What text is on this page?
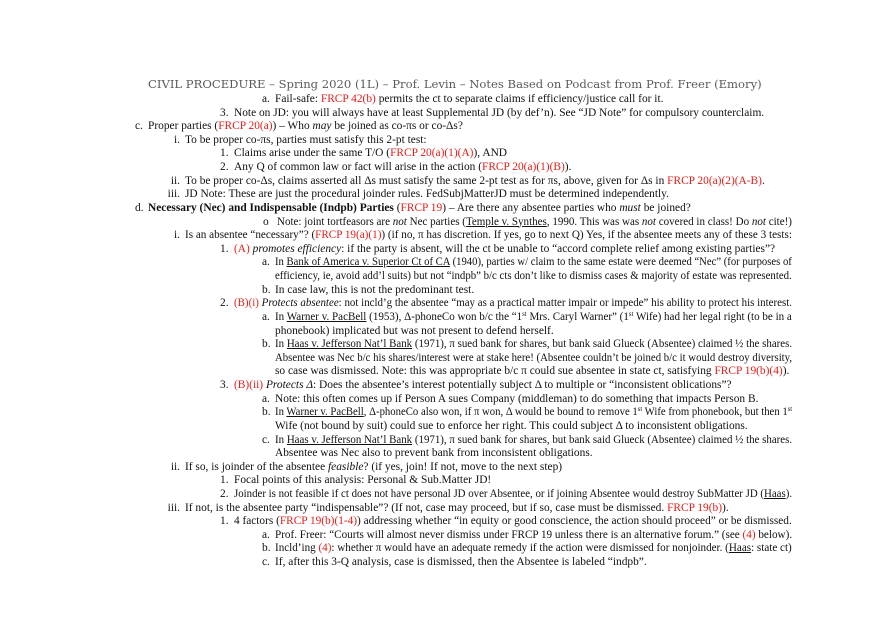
CIVIL PROCEDURE – Spring 2020 (1L) – Prof. Levin – Notes Based on Podcast from Prof. Freer (Emory)
a. Fail-safe: FRCP 42(b) permits the ct to separate claims if efficiency/justice call for it.
3. Note on JD: you will always have at least Supplemental JD (by def’n). See “JD Note” for compulsory counterclaim.
c. Proper parties (FRCP 20(a)) – Who may be joined as co-πs or co-Δs?
i. To be proper co-πs, parties must satisfy this 2-pt test:
1. Claims arise under the same T/O (FRCP 20(a)(1)(A)), AND
2. Any Q of common law or fact will arise in the action (FRCP 20(a)(1)(B)).
ii. To be proper co-Δs, claims asserted all Δs must satisfy the same 2-pt test as for πs, above, given for Δs in FRCP 20(a)(2)(A-B).
iii. JD Note: These are just the procedural joinder rules. FedSubjMatterJD must be determined independently.
d. Necessary (Nec) and Indispensable (Indpb) Parties (FRCP 19) – Are there any absentee parties who must be joined?
o Note: joint tortfeasors are not Nec parties (Temple v. Synthes, 1990. This was was not covered in class! Do not cite!)
i. Is an absentee “necessary”? (FRCP 19(a)(1)) (if no, π has discretion. If yes, go to next Q) Yes, if the absentee meets any of these 3 tests:
1. (A) promotes efficiency: if the party is absent, will the ct be unable to “accord complete relief among existing parties”?
a. In Bank of America v. Superior Ct of CA (1940), parties w/ claim to the same estate were deemed “Nec” (for purposes of
efficiency, ie, avoid add’l suits) but not “indpb” b/c cts don’t like to dismiss cases & majority of estate was represented.
b. In case law, this is not the predominant test.
2. (B)(i) Protects absentee: not incld’g the absentee “may as a practical matter impair or impede” his ability to protect his interest.
a. In Warner v. PacBell (1953), Δ-phoneCo won b/c the “1st Mrs. Caryl Warner” (1st Wife) had her legal right (to be in a
phonebook) implicated but was not present to defend herself.
b. In Haas v. Jefferson Nat’l Bank (1971), π sued bank for shares, but bank said Glueck (Absentee) claimed ½ the shares.
Absentee was Nec b/c his shares/interest were at stake here! (Absentee couldn’t be joined b/c it would destroy diversity,
so case was dismissed. Note: this was appropriate b/c π could sue absentee in state ct, satisfying FRCP 19(b)(4)).
3. (B)(ii) Protects Δ: Does the absentee’s interest potentially subject Δ to multiple or “inconsistent oblications”?
a. Note: this often comes up if Person A sues Company (middleman) to do something that impacts Person B.
b. In Warner v. PacBell, Δ-phoneCo also won, if π won, Δ would be bound to remove 1st Wife from phonebook, but then 1st
Wife (not bound by suit) could sue to enforce her right. This could subject Δ to inconsistent obligations.
c. In Haas v. Jefferson Nat’l Bank (1971), π sued bank for shares, but bank said Glueck (Absentee) claimed ½ the shares.
Absentee was Nec also to prevent bank from inconsistent obligations.
ii. If so, is joinder of the absentee feasible? (if yes, join! If not, move to the next step)
1. Focal points of this analysis: Personal & Sub.Matter JD!
2. Joinder is not feasible if ct does not have personal JD over Absentee, or if joining Absentee would destroy SubMatter JD (Haas).
iii. If not, is the absentee party “indispensable”? (If not, case may proceed, but if so, case must be dismissed. FRCP 19(b)).
1. 4 factors (FRCP 19(b)(1-4)) addressing whether “in equity or good conscience, the action should proceed” or be dismissed.
a. Prof. Freer: “Courts will almost never dismiss under FRCP 19 unless there is an alternative forum.” (see (4) below).
b. Incld’ing (4): whether π would have an adequate remedy if the action were dismissed for nonjoinder. (Haas: state ct)
c. If, after this 3-Q analysis, case is dismissed, then the Absentee is labeled “indpb”.
